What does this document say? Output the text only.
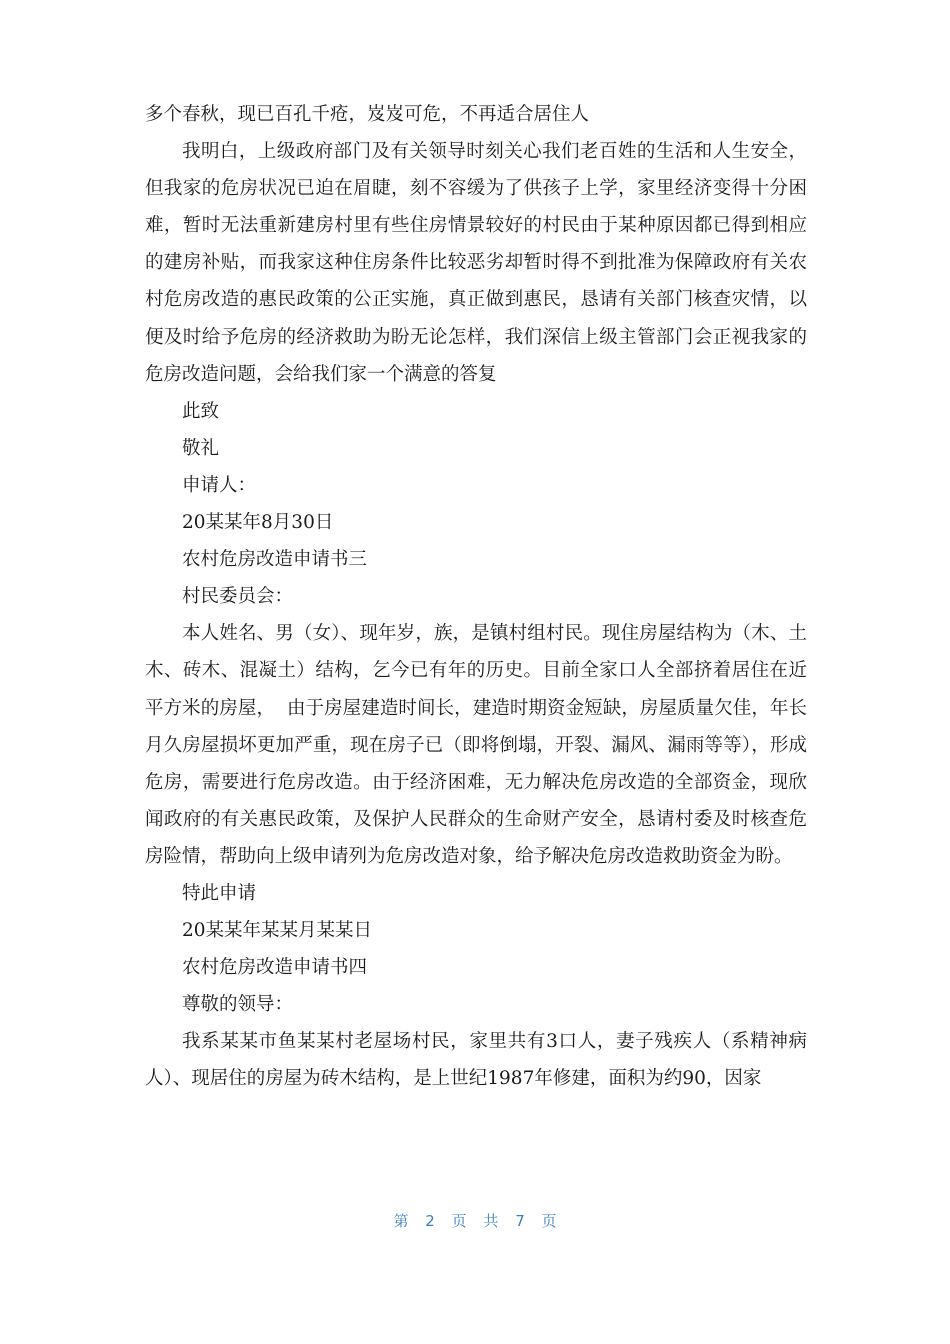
多个春秋，现已百孔千疮，岌岌可危，不再适合居住人

我明白，上级政府部门及有关领导时刻关心我们老百姓的生活和人生安全，但我家的危房状况已迫在眉睫，刻不容缓为了供孩子上学，家里经济变得十分困难，暂时无法重新建房村里有些住房情景较好的村民由于某种原因都已得到相应的建房补贴，而我家这种住房条件比较恶劣却暂时得不到批准为保障政府有关农村危房改造的惠民政策的公正实施，真正做到惠民，恳请有关部门核查灾情，以便及时给予危房的经济救助为盼无论怎样，我们深信上级主管部门会正视我家的危房改造问题，会给我们家一个满意的答复

此致

敬礼

申请人：

20某某年8月30日

农村危房改造申请书三

村民委员会：

本人姓名、男（女）、现年岁，族，是镇村组村民。现住房屋结构为（木、土木、砖木、混凝土）结构，乞今已有年的历史。目前全家口人全部挤着居住在近平方米的房屋，  由于房屋建造时间长，建造时期资金短缺，房屋质量欠佳，年长月久房屋损坏更加严重，现在房子已（即将倒塌，开裂、漏风、漏雨等等），形成危房，需要进行危房改造。由于经济困难，无力解决危房改造的全部资金，现欣闻政府的有关惠民政策，及保护人民群众的生命财产安全，恳请村委及时核查危房险情，帮助向上级申请列为危房改造对象，给予解决危房改造救助资金为盼。

特此申请

20某某年某某月某某日

农村危房改造申请书四

尊敬的领导：

我系某某市鱼某某村老屋场村民，家里共有3口人，妻子残疾人（系精神病人）、现居住的房屋为砖木结构，是上世纪1987年修建，面积为约90，因家

第 2 页 共 7 页
